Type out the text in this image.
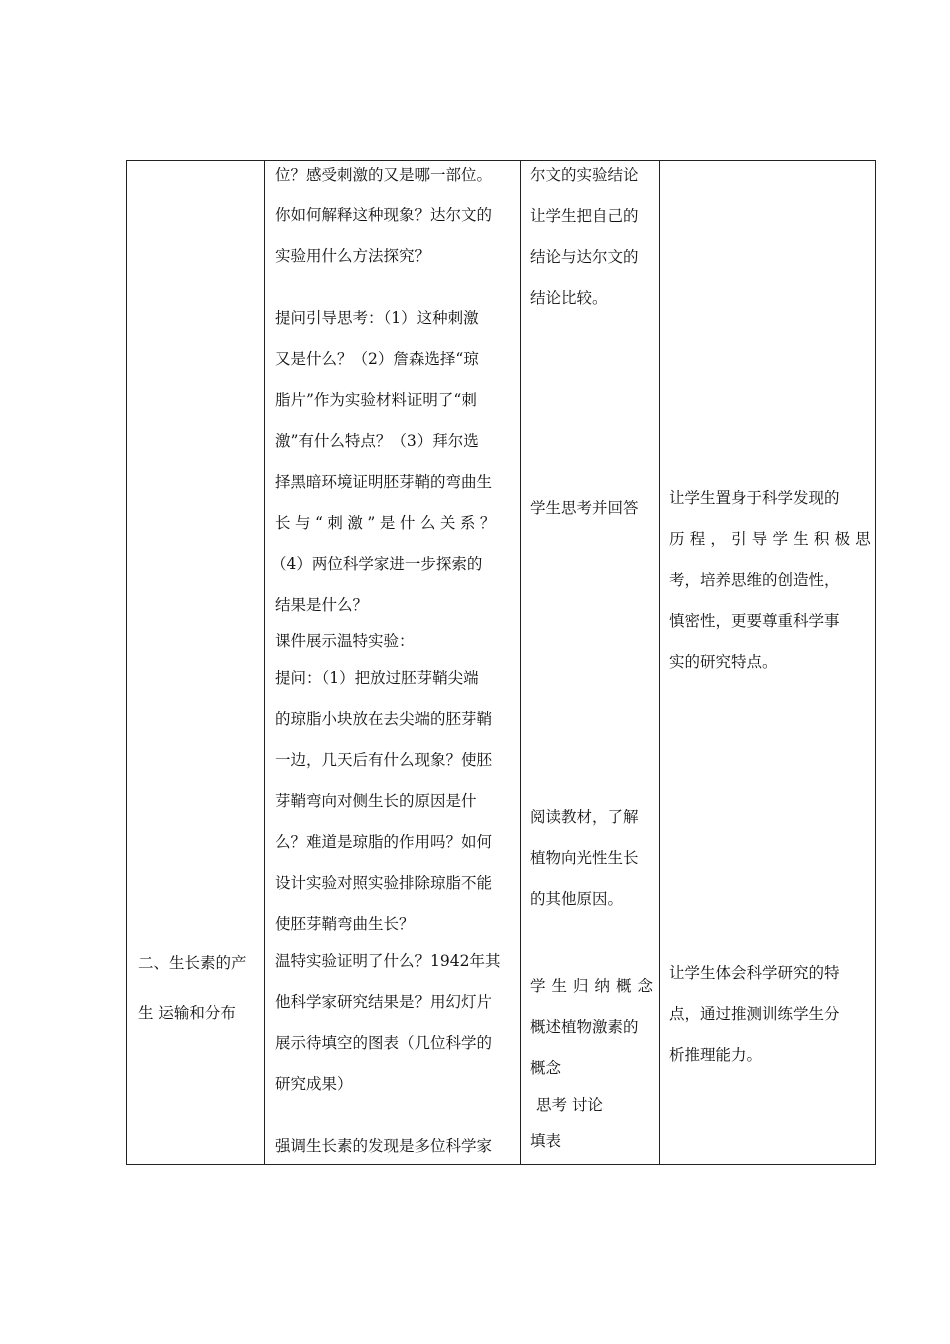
二、生长素的产
生 运输和分布
位？感受刺激的又是哪一部位。
你如何解释这种现象？达尔文的
实验用什么方法探究？
提问引导思考：（1）这种刺激
又是什么？（2）詹森选择“琼
脂片”作为实验材料证明了“刺
激”有什么特点？（3）拜尔选
择黑暗环境证明胚芽鞘的弯曲生
长与“刺激”是什么关系？
（4）两位科学家进一步探索的
结果是什么？
课件展示温特实验：
提问：（1）把放过胚芽鞘尖端
的琼脂小块放在去尖端的胚芽鞘
一边，几天后有什么现象？使胚
芽鞘弯向对侧生长的原因是什
么？难道是琼脂的作用吗？如何
设计实验对照实验排除琼脂不能
使胚芽鞘弯曲生长？
温特实验证明了什么？1942年其
他科学家研究结果是？用幻灯片
展示待填空的图表（几位科学的
研究成果）
强调生长素的发现是多位科学家
尔文的实验结论
让学生把自己的
结论与达尔文的
结论比较。
学生思考并回答
阅读教材，了解
植物向光性生长
的其他原因。
学生归纳概念
概述植物激素的
概念
思考 讨论
填表
让学生置身于科学发现的
历程，引导学生积极思
考，培养思维的创造性，
慎密性，更要尊重科学事
实的研究特点。
让学生体会科学研究的特
点，通过推测训练学生分
析推理能力。
